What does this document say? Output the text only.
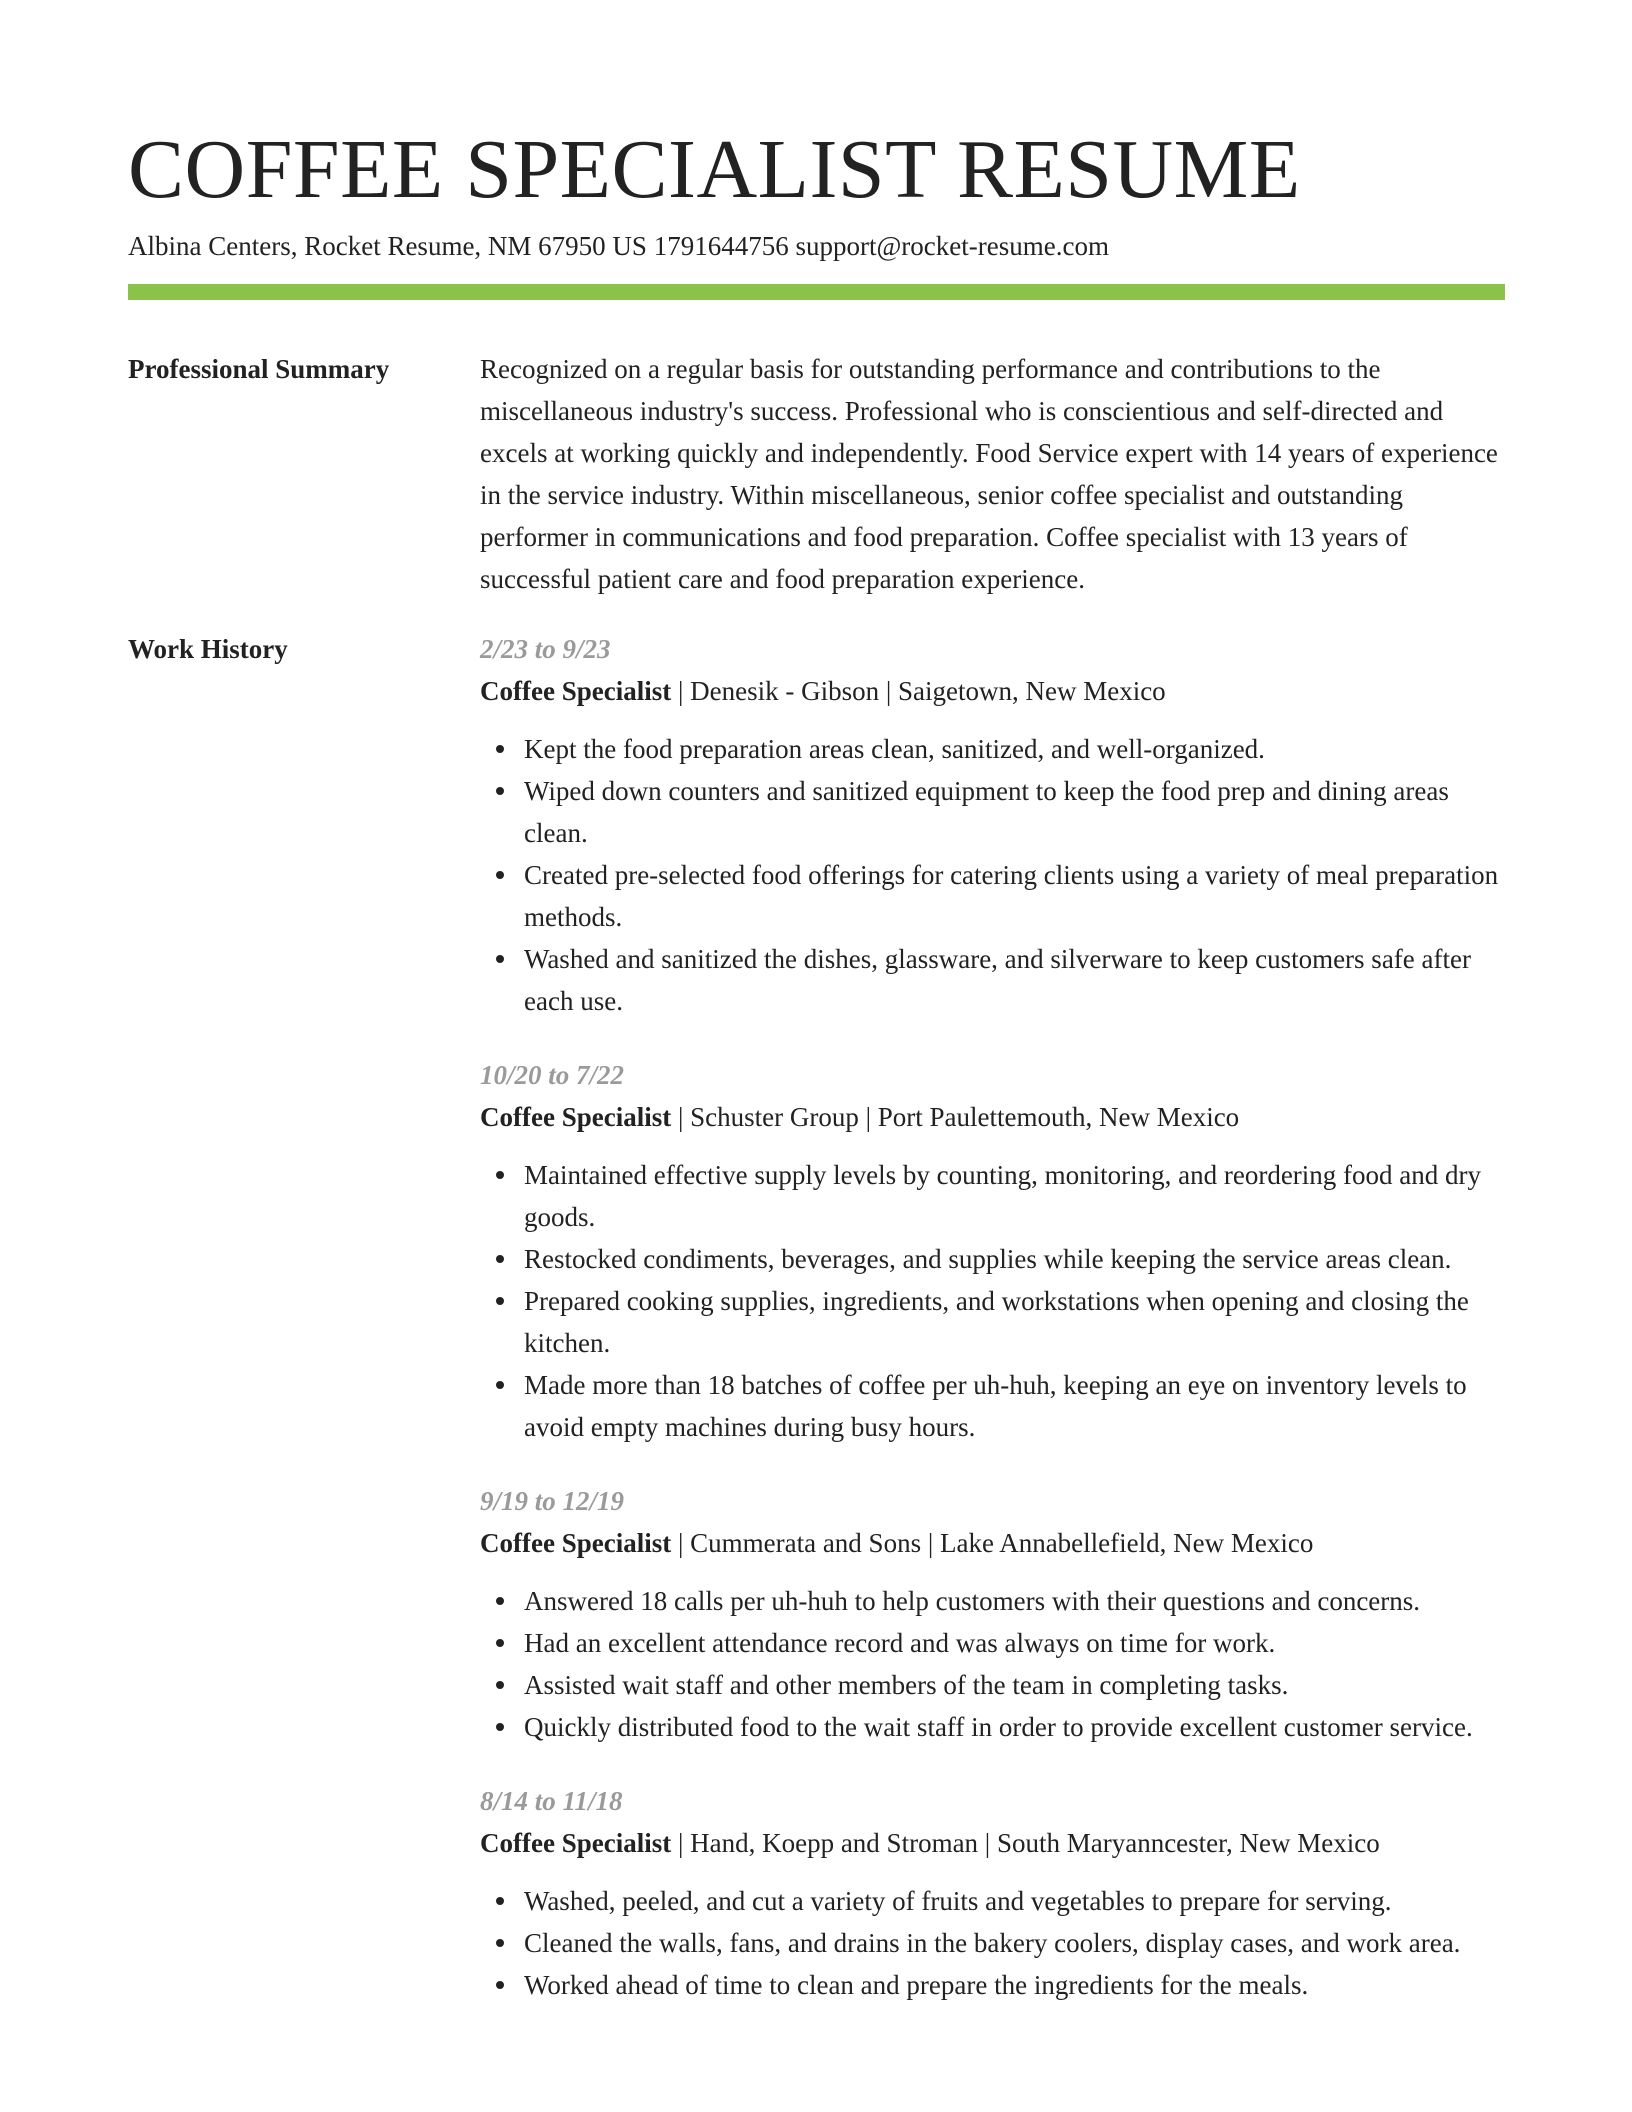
COFFEE SPECIALIST RESUME
Albina Centers, Rocket Resume, NM 67950 US 1791644756 support@rocket-resume.com
Professional Summary	Recognized on a regular basis for outstanding performance and contributions to the miscellaneous industry's success. Professional who is conscientious and self-directed and excels at working quickly and independently. Food Service expert with 14 years of experience in the service industry. Within miscellaneous, senior coffee specialist and outstanding performer in communications and food preparation. Coffee specialist with 13 years of successful patient care and food preparation experience.

Work History	2/23 to 9/23
Coffee Specialist | Denesik - Gibson | Saigetown, New Mexico
Kept the food preparation areas clean, sanitized, and well-organized.
Wiped down counters and sanitized equipment to keep the food prep and dining areas clean.
Created pre-selected food offerings for catering clients using a variety of meal preparation methods.
Washed and sanitized the dishes, glassware, and silverware to keep customers safe after each use.
10/20 to 7/22
Coffee Specialist | Schuster Group | Port Paulettemouth, New Mexico
Maintained effective supply levels by counting, monitoring, and reordering food and dry goods.
Restocked condiments, beverages, and supplies while keeping the service areas clean.
Prepared cooking supplies, ingredients, and workstations when opening and closing the kitchen.
Made more than 18 batches of coffee per uh-huh, keeping an eye on inventory levels to avoid empty machines during busy hours.
9/19 to 12/19
Coffee Specialist | Cummerata and Sons | Lake Annabellefield, New Mexico
Answered 18 calls per uh-huh to help customers with their questions and concerns.
Had an excellent attendance record and was always on time for work.
Assisted wait staff and other members of the team in completing tasks.
Quickly distributed food to the wait staff in order to provide excellent customer service.
8/14 to 11/18
Coffee Specialist | Hand, Koepp and Stroman | South Maryanncester, New Mexico
Washed, peeled, and cut a variety of fruits and vegetables to prepare for serving.
Cleaned the walls, fans, and drains in the bakery coolers, display cases, and work area.
Worked ahead of time to clean and prepare the ingredients for the meals.
